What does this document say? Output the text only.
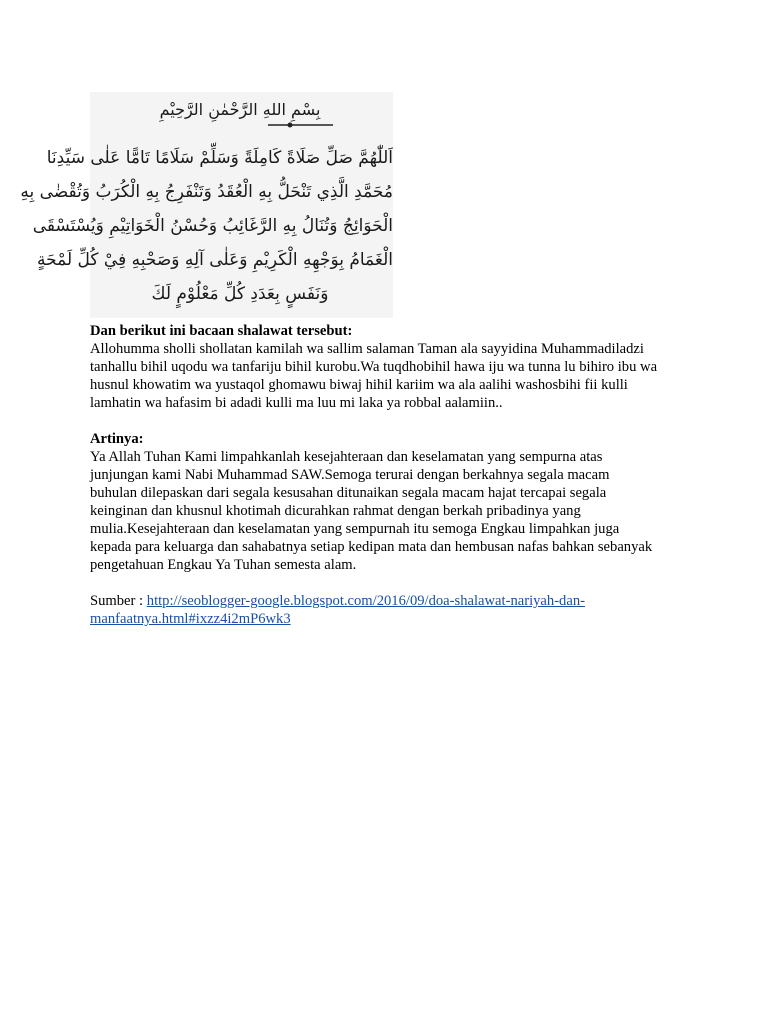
بِسْمِ اللهِ الرَّحْمٰنِ الرَّحِيْمِ
اَللّٰهُمَّ صَلِّ صَلَاةً كَامِلَةً وَسَلِّمْ سَلَامًا تَامًّا عَلٰى سَيِّدِنَا
مُحَمَّدِ الَّذِي تَنْحَلُّ بِهِ الْعُقَدُ وَتَنْفَرِجُ بِهِ الْكُرَبُ وَتُقْضٰى بِهِ
الْحَوَائِجُ وَتُنَالُ بِهِ الرَّغَائِبُ وَحُسْنُ الْخَوَاتِيْمِ وَيُسْتَسْقَى
الْغَمَامُ بِوَجْهِهِ الْكَرِيْمِ وَعَلٰى آلِهِ وَصَحْبِهِ فِيْ كُلِّ لَمْحَةٍ
وَنَفَسٍ بِعَدَدِ كُلِّ مَعْلُوْمٍ لَكَ

Dan berikut ini bacaan shalawat tersebut:

Allohumma sholli shollatan kamilah wa sallim salaman Taman ala sayyidina Muhammadiladzi
tanhallu bihil uqodu wa tanfariju bihil kurobu.Wa tuqdhobihil hawa iju wa tunna lu bihiro ibu wa
husnul khowatim wa yustaqol ghomawu biwaj hihil kariim wa ala aalihi washosbihi fii kulli
lamhatin wa hafasim bi adadi kulli ma luu mi laka ya robbal aalamiin..

Artinya:

Ya Allah Tuhan Kami limpahkanlah kesejahteraan dan keselamatan yang sempurna atas
junjungan kami Nabi Muhammad SAW.Semoga terurai dengan berkahnya segala macam
buhulan dilepaskan dari segala kesusahan ditunaikan segala macam hajat tercapai segala
keinginan dan khusnul khotimah dicurahkan rahmat dengan berkah pribadinya yang
mulia.Kesejahteraan dan keselamatan yang sempurnah itu semoga Engkau limpahkan juga
kepada para keluarga dan sahabatnya setiap kedipan mata dan hembusan nafas bahkan sebanyak
pengetahuan Engkau Ya Tuhan semesta alam.

Sumber : http://seoblogger-google.blogspot.com/2016/09/doa-shalawat-nariyah-dan-
manfaatnya.html#ixzz4i2mP6wk3
